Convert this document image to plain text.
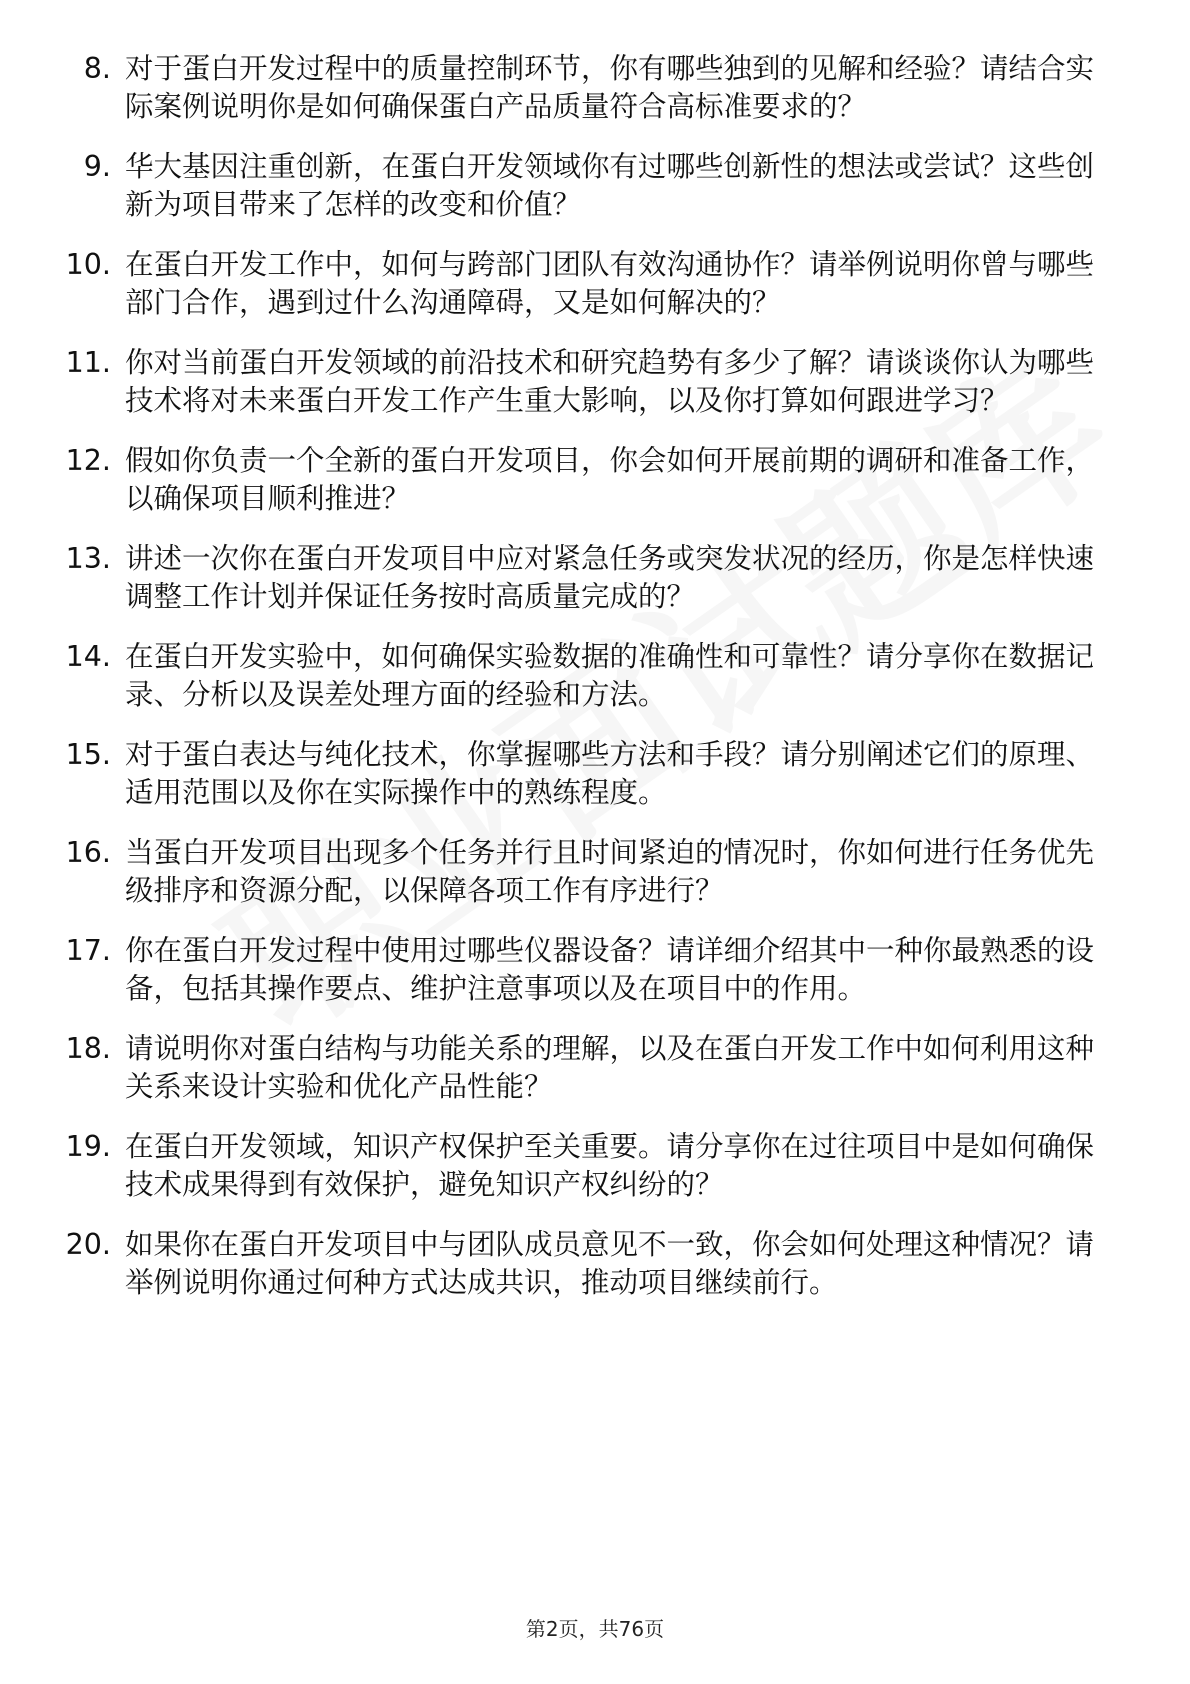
8. 对于蛋白开发过程中的质量控制环节，你有哪些独到的见解和经验？请结合实际案例说明你是如何确保蛋白产品质量符合高标准要求的？

9. 华大基因注重创新，在蛋白开发领域你有过哪些创新性的想法或尝试？这些创新为项目带来了怎样的改变和价值？

10. 在蛋白开发工作中，如何与跨部门团队有效沟通协作？请举例说明你曾与哪些部门合作，遇到过什么沟通障碍，又是如何解决的？

11. 你对当前蛋白开发领域的前沿技术和研究趋势有多少了解？请谈谈你认为哪些技术将对未来蛋白开发工作产生重大影响，以及你打算如何跟进学习？

12. 假如你负责一个全新的蛋白开发项目，你会如何开展前期的调研和准备工作，以确保项目顺利推进？

13. 讲述一次你在蛋白开发项目中应对紧急任务或突发状况的经历，你是怎样快速调整工作计划并保证任务按时高质量完成的？

14. 在蛋白开发实验中，如何确保实验数据的准确性和可靠性？请分享你在数据记录、分析以及误差处理方面的经验和方法。

15. 对于蛋白表达与纯化技术，你掌握哪些方法和手段？请分别阐述它们的原理、适用范围以及你在实际操作中的熟练程度。

16. 当蛋白开发项目出现多个任务并行且时间紧迫的情况时，你如何进行任务优先级排序和资源分配，以保障各项工作有序进行？

17. 你在蛋白开发过程中使用过哪些仪器设备？请详细介绍其中一种你最熟悉的设备，包括其操作要点、维护注意事项以及在项目中的作用。

18. 请说明你对蛋白结构与功能关系的理解，以及在蛋白开发工作中如何利用这种关系来设计实验和优化产品性能？

19. 在蛋白开发领域，知识产权保护至关重要。请分享你在过往项目中是如何确保技术成果得到有效保护，避免知识产权纠纷的？

20. 如果你在蛋白开发项目中与团队成员意见不一致，你会如何处理这种情况？请举例说明你通过何种方式达成共识，推动项目继续前行。

第2页，共76页
